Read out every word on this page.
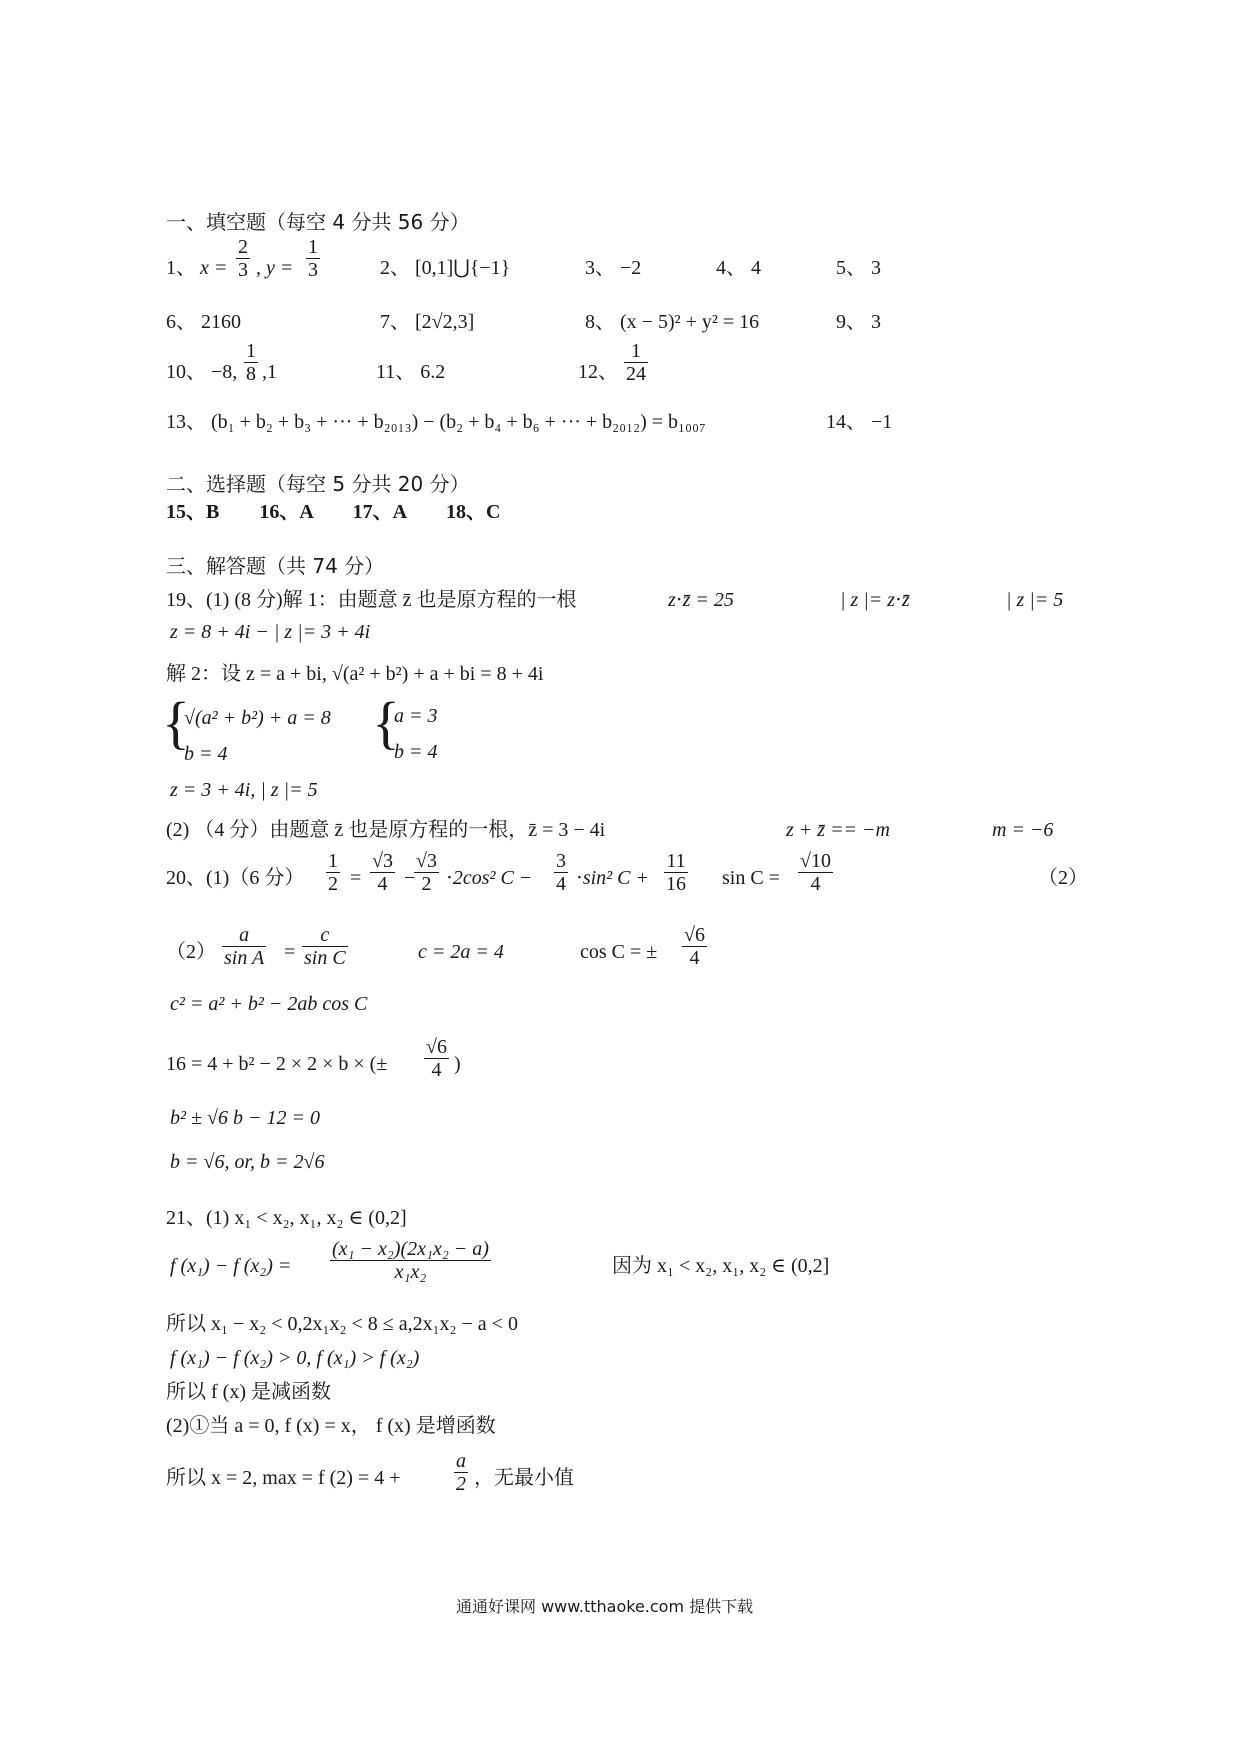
一、填空题（每空 4 分共 56 分）
1、 $x = \frac{2}{3}$ , $y = \frac{1}{3}$	2、 [0,1]⋃{−1}	3、 −2	4、 4	5、 3
6、 2160	7、 [2√2,3]	8、 (x − 5)² + y² = 16	9、 3
10、 −8, $\frac{1}{8} ,1$	11、 6.2	12、 $\frac{1}{24}$
13、 (b₁ + b₂ + b₃ + ··· + b₂₀₁₃) − (b₂ + b₄ + b₆ + ··· + b₂₀₁₂) = b₁₀₀₇	14、 −1
二、选择题（每空 5 分共 20 分）
15、B　　16、A　　17、A　　18、C
三、解答题（共 74 分）
19、(1) (8 分)解 1：由题意 z̄ 也是原方程的一根	z⋅z̄ = 25	| z |= z⋅z̄	| z |= 5
z = 8 + 4i − | z |= 3 + 4i
解 2：设 z = a + bi, √(a² + b²) + a + bi = 8 + 4i
{
√(a² + b²) + a = 8
b = 4 {
a = 3
b = 4
z = 3 + 4i, | z |= 5
(2) （4 分）由题意 z̄ 也是原方程的一根，z̄ = 3 − 4i	z + z̄ == −m	m = −6
20、(1)（6 分） $\frac{1}{2} = \frac{√3}{4}$ −
$\frac{√3}{2} \cdot 2\cos^2$ $C - \frac{3}{4} \cdot\sin^2$ $C + \frac{11}{16}$ $\sin C = \frac{√10}{4}$	（2）
$(2) \frac{a}{\text{sin A}} = \frac{c}{\text{sin C}}$	c = 2a = 4	cos C = ± $\frac{√6}{4}$
c² = a² + b² − 2ab cos C
16 = 4 + b² − 2 × 2 × b × (± $\frac{√6}{4}$ )
b² ± √6 b − 12 = 0
b = √6, or, b = 2√6
21、(1) x₁ < x₂, x₁, x₂ ∈ (0,2]
f (x₁) − f $(x_2) = \frac{\text{(x₁ − x₂)(2x₁x₂ − a)}}{\text{x₁x₂}}$	因为 x₁ < x₂, x₁, x₂ ∈ (0,2]
所以 x₁ − x₂ < 0,2x₁x₂ < 8 ≤ a,2x₁x₂ − a < 0
f (x₁) − f (x₂) > 0, f (x₁) > f (x₂)
所以 f (x) 是减函数
(2)①当 a = 0, f (x) = x， f (x) 是增函数
所以 x = 2, max = f (2) = 4 +	$\frac{a}{2}$ ，无最小值
通通好课网 www.tthaoke.com 提供下载
